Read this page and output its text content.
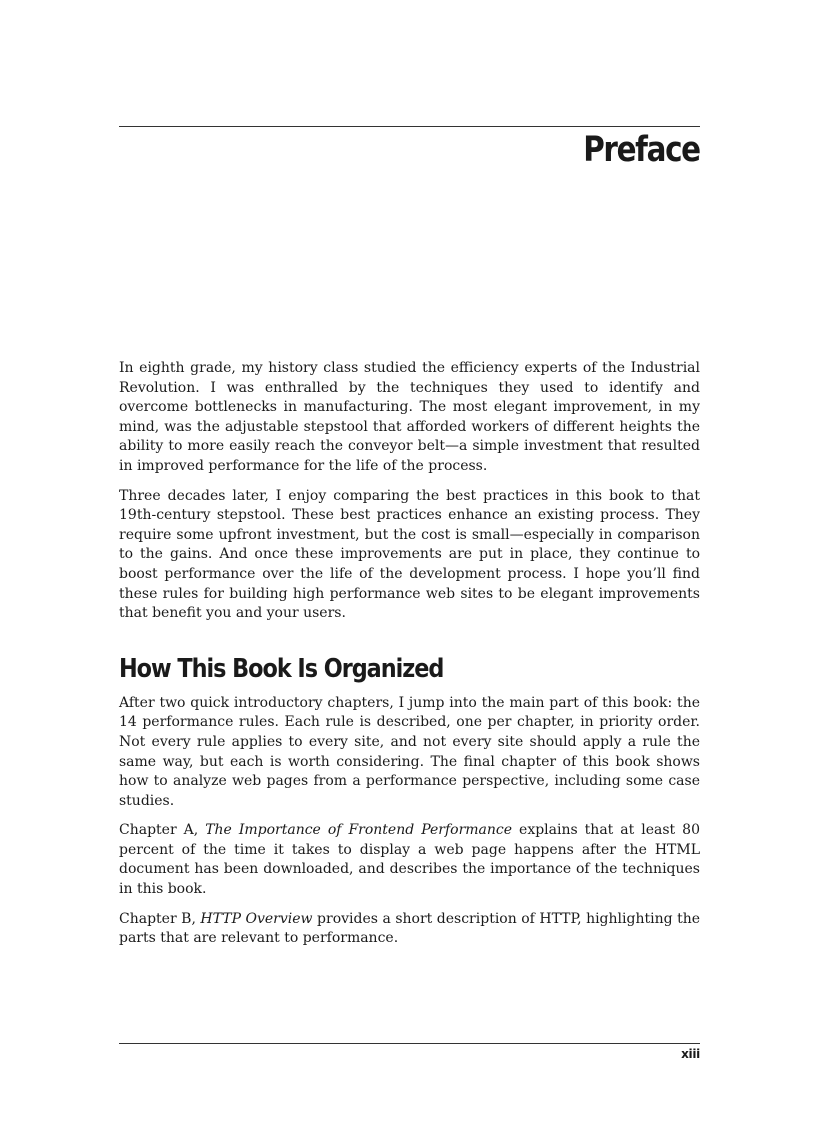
Preface

In eighth grade, my history class studied the efficiency experts of the Industrial Revolution. I was enthralled by the techniques they used to identify and overcome bottlenecks in manufacturing. The most elegant improvement, in my mind, was the adjustable stepstool that afforded workers of different heights the ability to more easily reach the conveyor belt—a simple investment that resulted in improved performance for the life of the process.

Three decades later, I enjoy comparing the best practices in this book to that 19th-century stepstool. These best practices enhance an existing process. They require some upfront investment, but the cost is small—especially in comparison to the gains. And once these improvements are put in place, they continue to boost performance over the life of the development process. I hope you’ll find these rules for building high performance web sites to be elegant improvements that benefit you and your users.

How This Book Is Organized

After two quick introductory chapters, I jump into the main part of this book: the 14 performance rules. Each rule is described, one per chapter, in priority order. Not every rule applies to every site, and not every site should apply a rule the same way, but each is worth considering. The final chapter of this book shows how to analyze web pages from a performance perspective, including some case studies.

Chapter A, The Importance of Frontend Performance explains that at least 80 percent of the time it takes to display a web page happens after the HTML document has been downloaded, and describes the importance of the techniques in this book.

Chapter B, HTTP Overview provides a short description of HTTP, highlighting the parts that are relevant to performance.

xiii
